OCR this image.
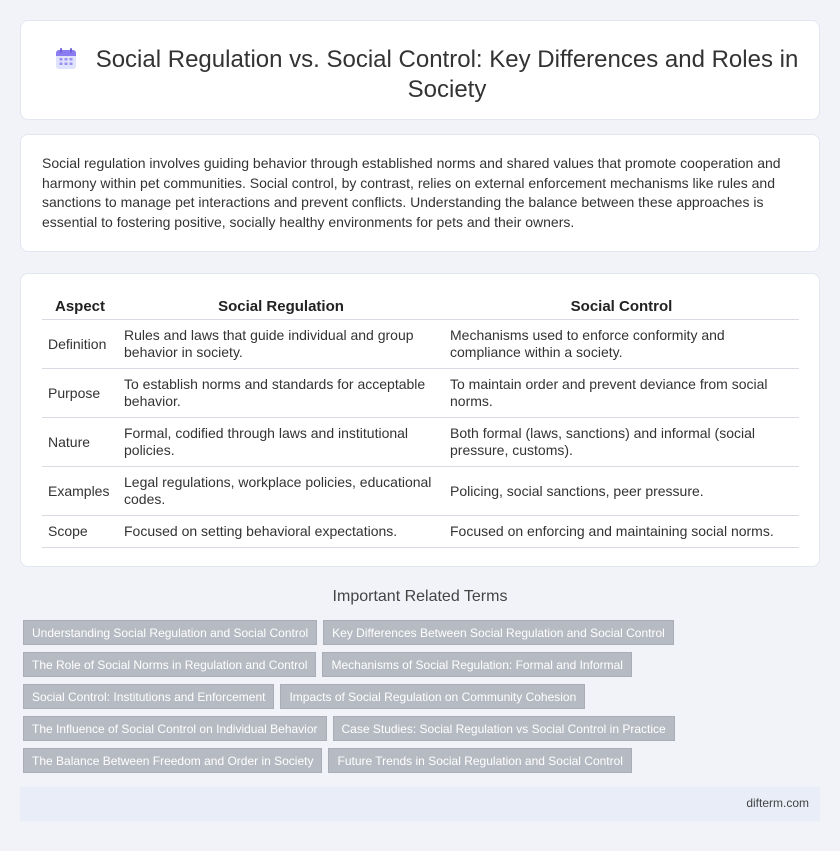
Social Regulation vs. Social Control: Key Differences and Roles in Society

Social regulation involves guiding behavior through established norms and shared values that promote cooperation and harmony within pet communities. Social control, by contrast, relies on external enforcement mechanisms like rules and sanctions to manage pet interactions and prevent conflicts. Understanding the balance between these approaches is essential to fostering positive, socially healthy environments for pets and their owners.

Aspect	Social Regulation	Social Control
Definition	Rules and laws that guide individual and group behavior in society.	Mechanisms used to enforce conformity and compliance within a society.
Purpose	To establish norms and standards for acceptable behavior.	To maintain order and prevent deviance from social norms.
Nature	Formal, codified through laws and institutional policies.	Both formal (laws, sanctions) and informal (social pressure, customs).
Examples	Legal regulations, workplace policies, educational codes.	Policing, social sanctions, peer pressure.
Scope	Focused on setting behavioral expectations.	Focused on enforcing and maintaining social norms.
Important Related Terms
Understanding Social Regulation and Social Control	Key Differences Between Social Regulation and Social Control
The Role of Social Norms in Regulation and Control	Mechanisms of Social Regulation: Formal and Informal
Social Control: Institutions and Enforcement	Impacts of Social Regulation on Community Cohesion
The Influence of Social Control on Individual Behavior	Case Studies: Social Regulation vs Social Control in Practice
The Balance Between Freedom and Order in Society	Future Trends in Social Regulation and Social Control
difterm.com
